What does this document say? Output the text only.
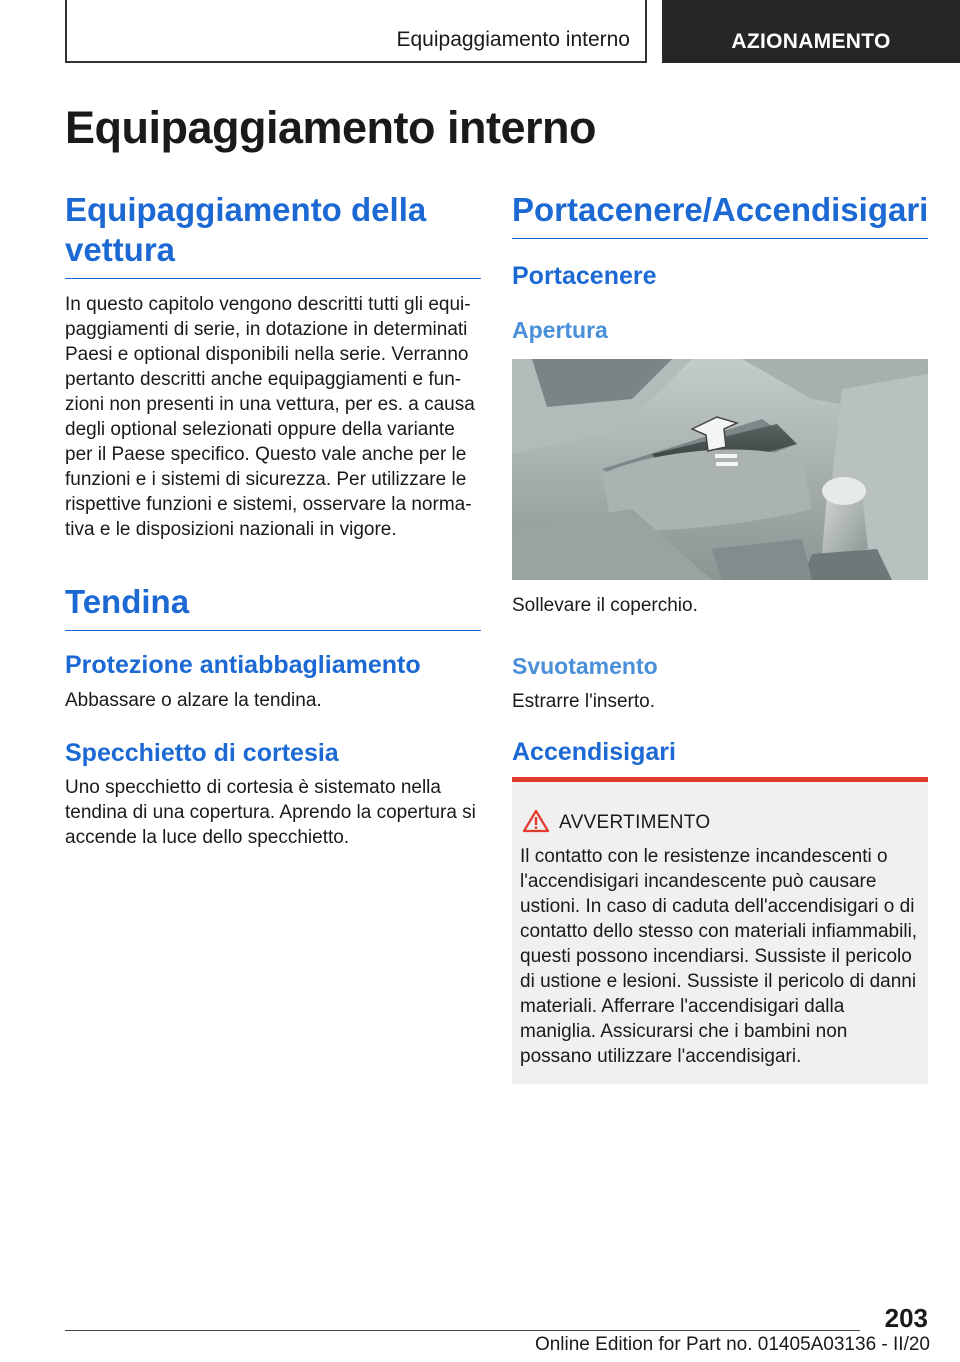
Equipaggiamento interno	AZIONAMENTO
Equipaggiamento interno
Equipaggiamento della vettura

In questo capitolo vengono descritti tutti gli equipaggiamenti di serie, in dotazione in determinati Paesi e optional disponibili nella serie. Verranno pertanto descritti anche equipaggiamenti e funzioni non presenti in una vettura, per es. a causa degli optional selezionati oppure della variante per il Paese specifico. Questo vale anche per le funzioni e i sistemi di sicurezza. Per utilizzare le rispettive funzioni e sistemi, osservare la normativa e le disposizioni nazionali in vigore.

Tendina
Protezione antiabbagliamento

Abbassare o alzare la tendina.

Specchietto di cortesia

Uno specchietto di cortesia è sistemato nella tendina di una copertura. Aprendo la copertura si accende la luce dello specchietto.

Portacenere/Accendisigari
Portacenere
Apertura

Sollevare il coperchio.

Svuotamento

Estrarre l'inserto.

Accendisigari
AVVERTIMENTO

Il contatto con le resistenze incandescenti o l'accendisigari incandescente può causare ustioni. In caso di caduta dell'accendisigari o di contatto dello stesso con materiali infiammabili, questi possono incendiarsi. Sussiste il pericolo di ustione e lesioni. Sussiste il pericolo di danni materiali. Afferrare l'accendisigari dalla maniglia. Assicurarsi che i bambini non possano utilizzare l'accendisigari.

203
Online Edition for Part no. 01405A03136 - II/20
